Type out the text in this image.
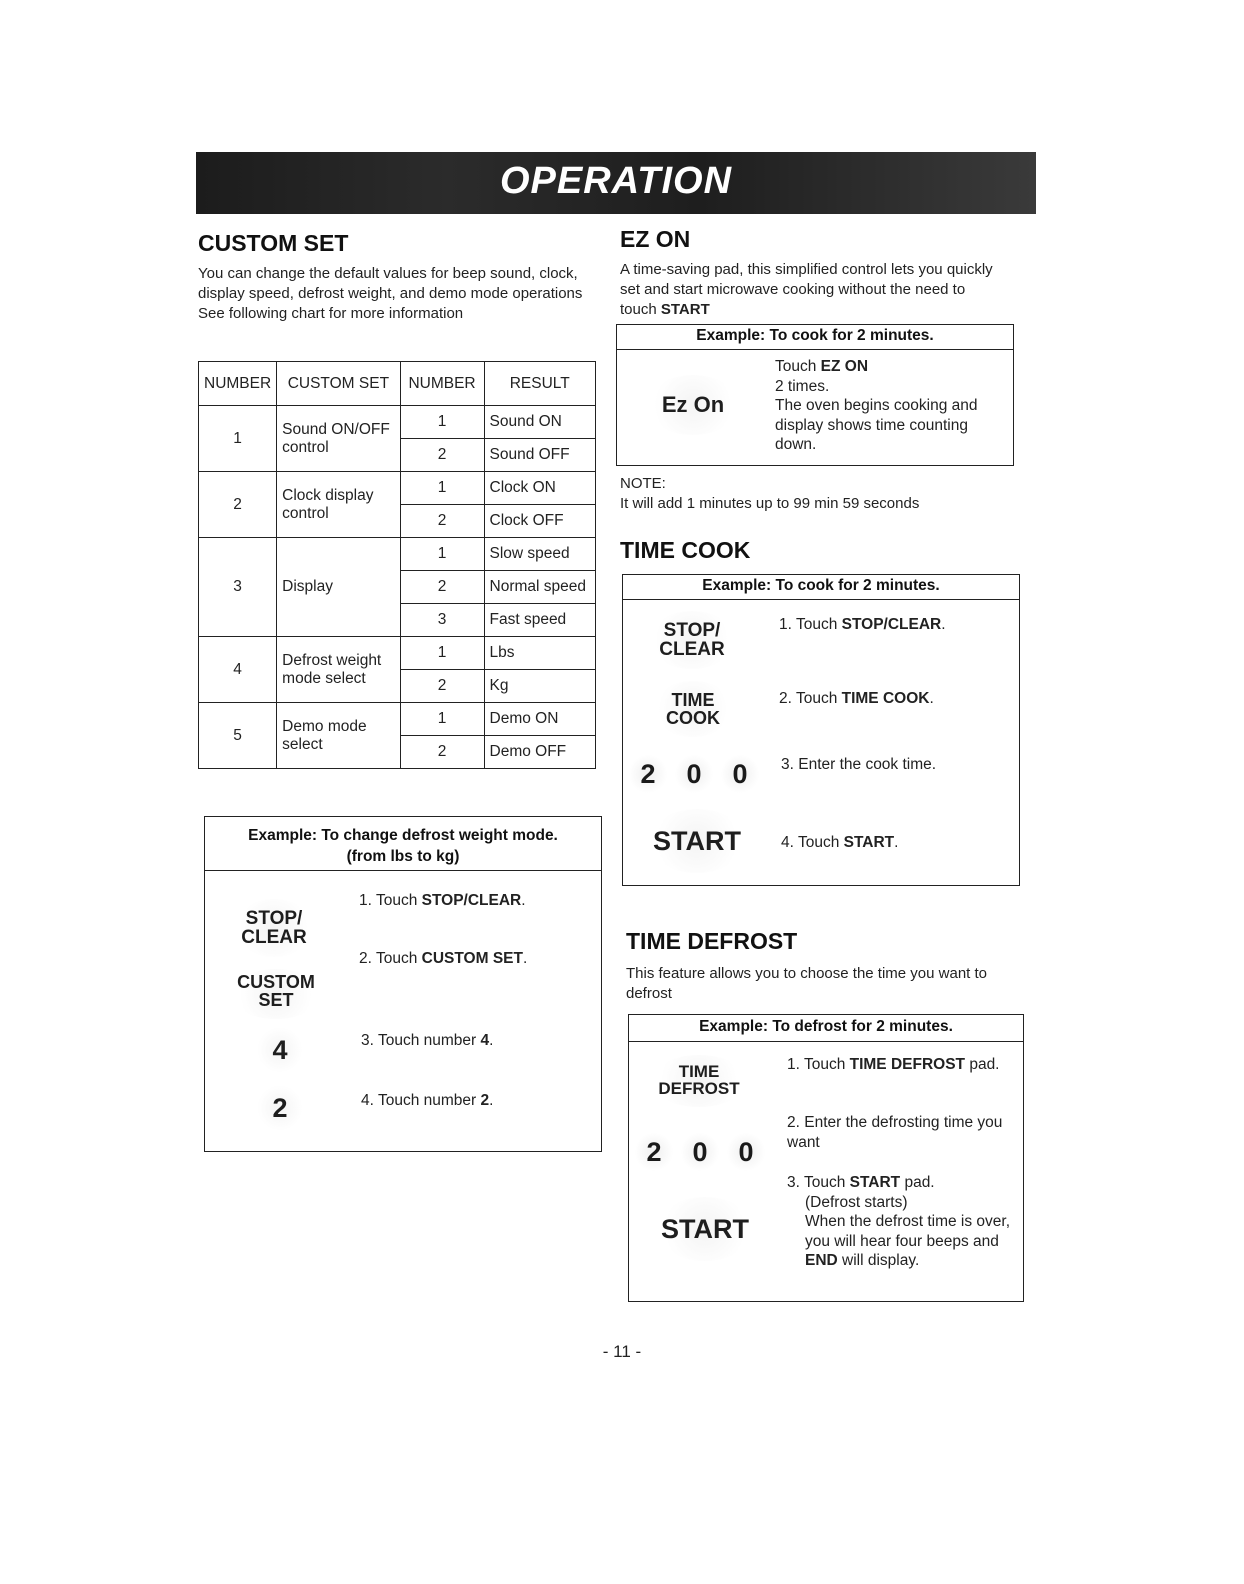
OPERATION
CUSTOM SET

You can change the default values for beep sound, clock, display speed, defrost weight, and demo mode operations

See following chart for more information

NUMBER	CUSTOM SET	NUMBER	RESULT
1	Sound ON/OFF control	1	Sound ON
		2	Sound OFF
2	Clock display control	1	Clock ON
		2	Clock OFF
3	Display	1	Slow speed
		2	Normal speed
		3	Fast speed
4	Defrost weight mode select	1	Lbs
		2	Kg
5	Demo mode select	1	Demo ON
		2	Demo OFF
Example: To change defrost weight mode.
(from lbs to kg)
STOP/
CLEAR
CUSTOM
SET
4
2
1. Touch STOP/CLEAR.
2. Touch CUSTOM SET.
3. Touch number 4.
4. Touch number 2.
EZ ON
A time-saving pad, this simplified control lets you quickly set and start microwave cooking without the need to touch START
Example: To cook for 2 minutes.
Ez On
Touch EZ ON
2 times.
The oven begins cooking and display shows time counting down.
NOTE:
It will add 1 minutes up to 99 min 59 seconds
TIME COOK
Example: To cook for 2 minutes.
STOP/
CLEAR
TIME
COOK
2 0 0
START
1. Touch STOP/CLEAR.
2. Touch TIME COOK.
3. Enter the cook time.
4. Touch START.
TIME DEFROST
This feature allows you to choose the time you want to defrost
Example: To defrost for 2 minutes.
TIME
DEFROST
2 0 0
START
1. Touch TIME DEFROST pad.
2. Enter the defrosting time you want
3. Touch START pad.
(Defrost starts)
When the defrost time is over, you will hear four beeps and
END will display.
- 11 -
